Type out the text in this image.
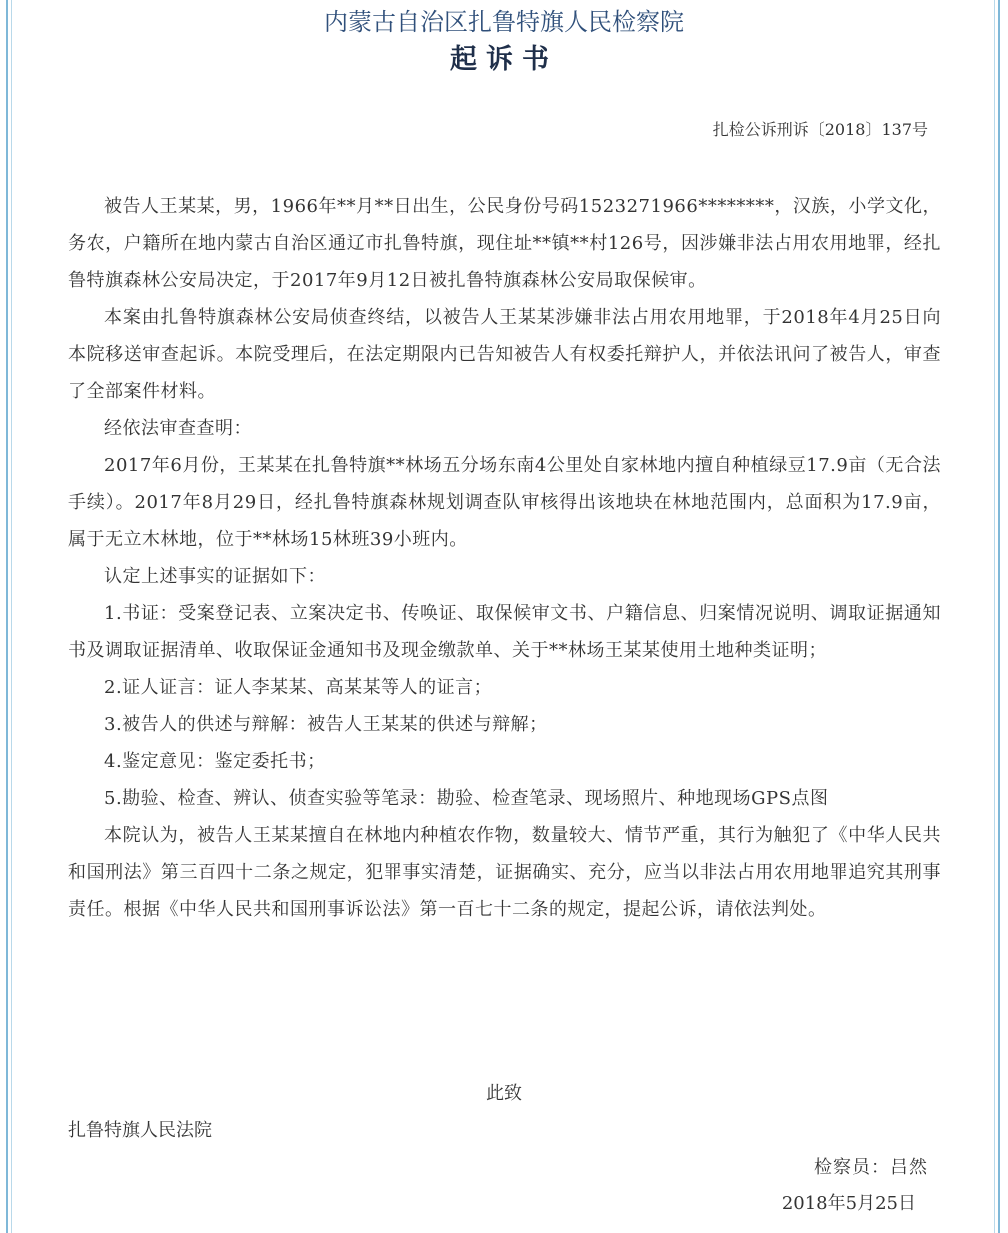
内蒙古自治区扎鲁特旗人民检察院
起诉书
扎检公诉刑诉〔2018〕137号

被告人王某某，男，1966年**月**日出生，公民身份号码1523271966********，汉族，小学文化，务农，户籍所在地内蒙古自治区通辽市扎鲁特旗，现住址**镇**村126号，因涉嫌非法占用农用地罪，经扎鲁特旗森林公安局决定，于2017年9月12日被扎鲁特旗森林公安局取保候审。

本案由扎鲁特旗森林公安局侦查终结，以被告人王某某涉嫌非法占用农用地罪，于2018年4月25日向本院移送审查起诉。本院受理后，在法定期限内已告知被告人有权委托辩护人，并依法讯问了被告人，审查了全部案件材料。

经依法审查查明：

2017年6月份，王某某在扎鲁特旗**林场五分场东南4公里处自家林地内擅自种植绿豆17.9亩（无合法手续）。2017年8月29日，经扎鲁特旗森林规划调查队审核得出该地块在林地范围内，总面积为17.9亩，属于无立木林地，位于**林场15林班39小班内。

认定上述事实的证据如下：

1.书证：受案登记表、立案决定书、传唤证、取保候审文书、户籍信息、归案情况说明、调取证据通知书及调取证据清单、收取保证金通知书及现金缴款单、关于**林场王某某使用土地种类证明；

2.证人证言：证人李某某、高某某等人的证言；

3.被告人的供述与辩解：被告人王某某的供述与辩解；

4.鉴定意见：鉴定委托书；

5.勘验、检查、辨认、侦查实验等笔录：勘验、检查笔录、现场照片、种地现场GPS点图

本院认为，被告人王某某擅自在林地内种植农作物，数量较大、情节严重，其行为触犯了《中华人民共和国刑法》第三百四十二条之规定，犯罪事实清楚，证据确实、充分，应当以非法占用农用地罪追究其刑事责任。根据《中华人民共和国刑事诉讼法》第一百七十二条的规定，提起公诉，请依法判处。

此致
扎鲁特旗人民法院
检察员：吕然
2018年5月25日
